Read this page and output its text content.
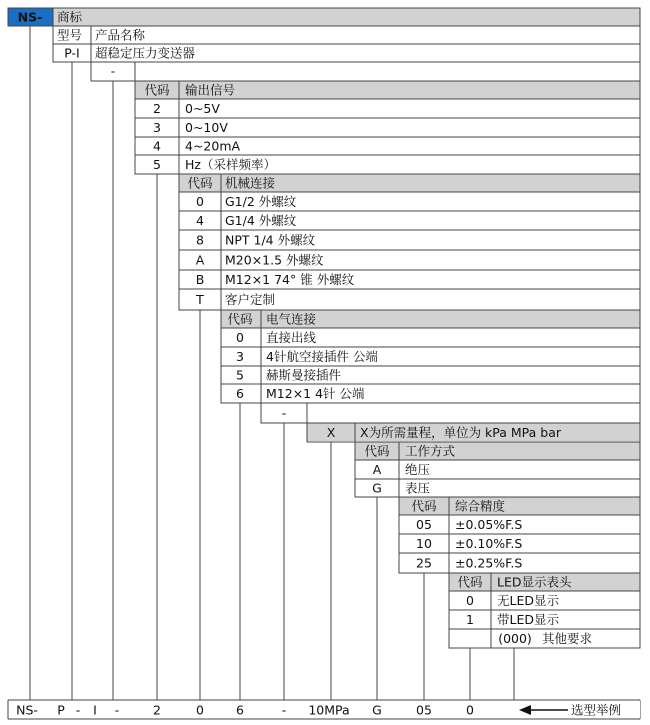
NS- 商标
型号 产品名称
P-I 超稳定压力变送器
-
代码 输出信号
2 0~5V
3 0~10V
4 4~20mA
5 Hz（采样频率）
代码 机械连接
0 G1/2 外螺纹
4 G1/4 外螺纹
8 NPT 1/4 外螺纹
A M20×1.5 外螺纹
B M12×1 74° 锥 外螺纹
T 客户定制
代码 电气连接
0 直接出线
3 4针航空接插件 公端
5 赫斯曼接插件
6 M12×1 4针 公端
-
X X为所需量程，单位为 kPa MPa bar
代码 工作方式
A 绝压
G 表压
代码 综合精度
05 ±0.05%F.S
10 ±0.10%F.S
25 ±0.25%F.S
代码 LED显示表头
0 无LED显示
1 带LED显示
(000) 其他要求
NS- P - I -	2	0	6	- 10MPa G	05	0	选型举例
